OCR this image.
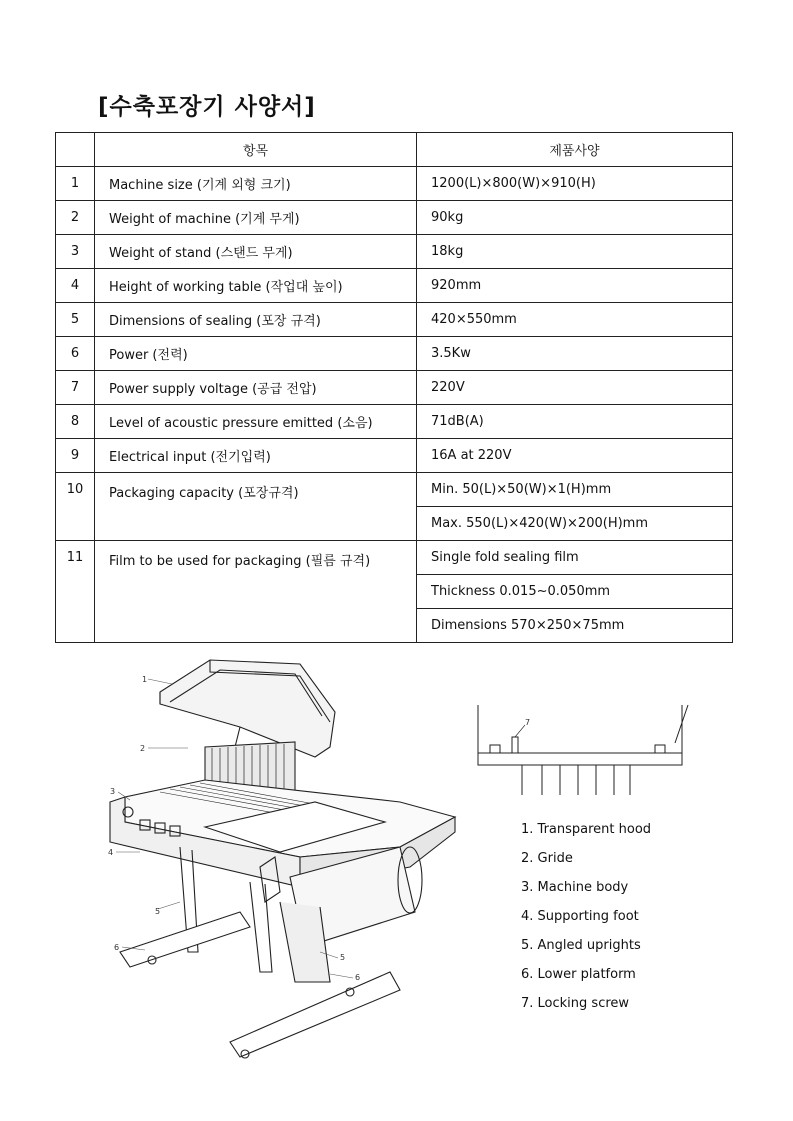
[수축포장기 사양서]
	항목	제품사양
1	Machine size (기계 외형 크기)	1200(L)×800(W)×910(H)
2	Weight of machine (기계 무게)	90kg
3	Weight of stand (스탠드 무게)	18kg
4	Height of working table (작업대 높이)	920mm
5	Dimensions of sealing (포장 규격)	420×550mm
6	Power (전력)	3.5Kw
7	Power supply voltage (공급 전압)	220V
8	Level of acoustic pressure emitted (소음)	71dB(A)
9	Electrical input (전기입력)	16A at 220V
10	Packaging capacity (포장규격)	Min. 50(L)×50(W)×1(H)mm
		Max. 550(L)×420(W)×200(H)mm
11	Film to be used for packaging (필름 규격)	Single fold sealing film
		Thickness 0.015~0.050mm
		Dimensions 570×250×75mm
1
2
3
4
5
6
5
6
7
1. Transparent hood
2. Gride
3. Machine body
4. Supporting foot
5. Angled uprights
6. Lower platform
7. Locking screw
